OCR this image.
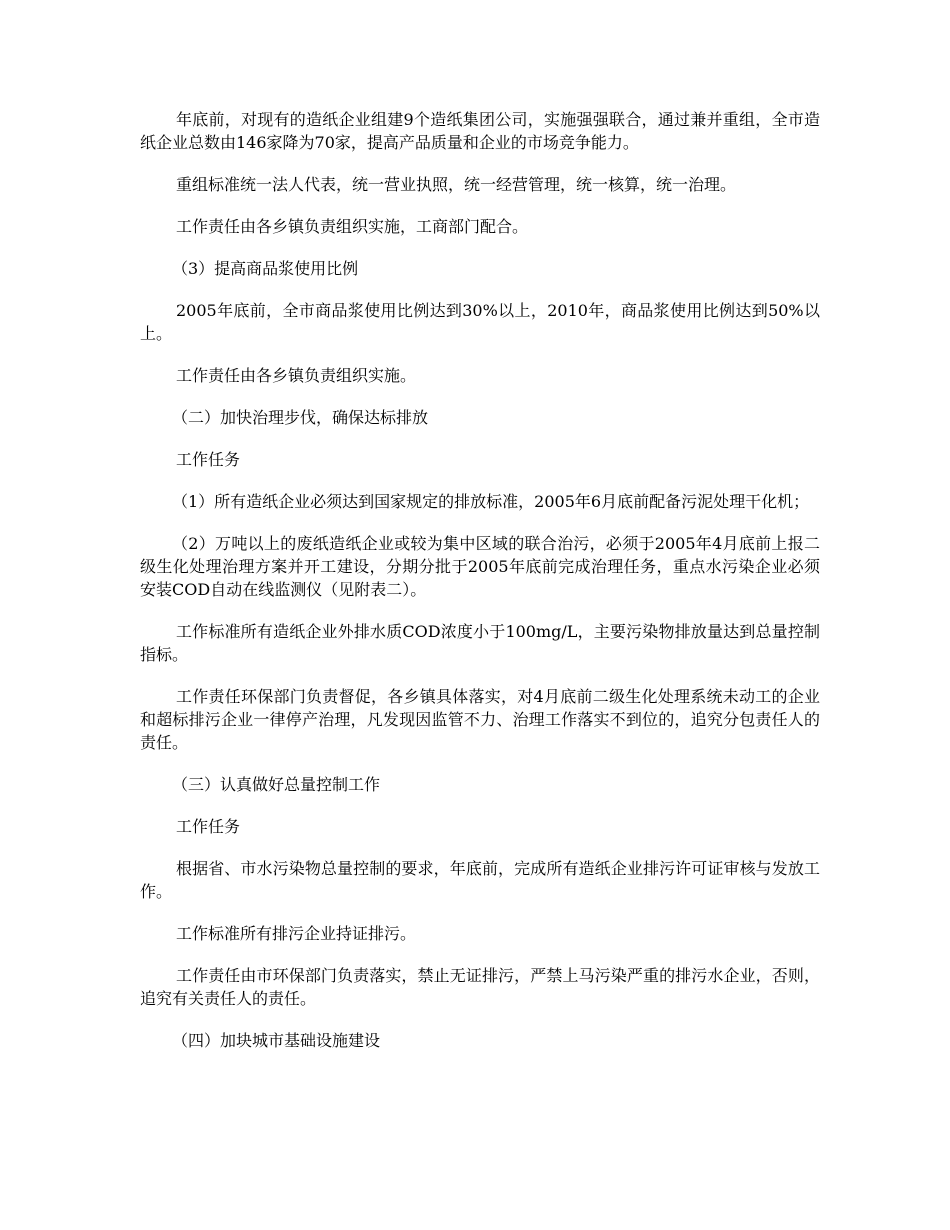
年底前，对现有的造纸企业组建9个造纸集团公司，实施强强联合，通过兼并重组，全市造纸企业总数由146家降为70家，提高产品质量和企业的市场竞争能力。

重组标准统一法人代表，统一营业执照，统一经营管理，统一核算，统一治理。

工作责任由各乡镇负责组织实施，工商部门配合。

（3）提高商品浆使用比例

2005年底前，全市商品浆使用比例达到30%以上，2010年，商品浆使用比例达到50%以上。

工作责任由各乡镇负责组织实施。

（二）加快治理步伐，确保达标排放

工作任务

（1）所有造纸企业必须达到国家规定的排放标准，2005年6月底前配备污泥处理干化机；

（2）万吨以上的废纸造纸企业或较为集中区域的联合治污，必须于2005年4月底前上报二级生化处理治理方案并开工建设，分期分批于2005年底前完成治理任务，重点水污染企业必须安装COD自动在线监测仪（见附表二）。

工作标准所有造纸企业外排水质COD浓度小于100mg/L，主要污染物排放量达到总量控制指标。

工作责任环保部门负责督促，各乡镇具体落实，对4月底前二级生化处理系统未动工的企业和超标排污企业一律停产治理，凡发现因监管不力、治理工作落实不到位的，追究分包责任人的责任。

（三）认真做好总量控制工作

工作任务

根据省、市水污染物总量控制的要求，年底前，完成所有造纸企业排污许可证审核与发放工作。

工作标准所有排污企业持证排污。

工作责任由市环保部门负责落实，禁止无证排污，严禁上马污染严重的排污水企业，否则，追究有关责任人的责任。

（四）加块城市基础设施建设
